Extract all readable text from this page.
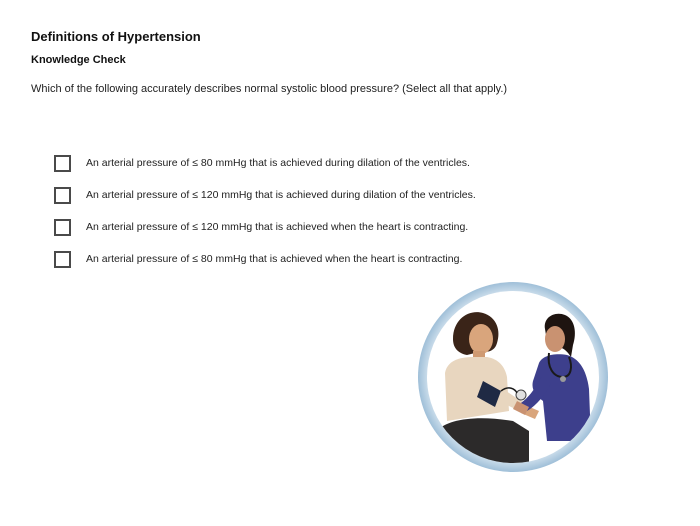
Definitions of Hypertension
Knowledge Check
Which of the following accurately describes normal systolic blood pressure? (Select all that apply.)
An arterial pressure of ≤ 80 mmHg that is achieved during dilation of the ventricles.
An arterial pressure of ≤ 120 mmHg that is achieved during dilation of the ventricles.
An arterial pressure of ≤ 120 mmHg that is achieved when the heart is contracting.
An arterial pressure of ≤ 80 mmHg that is achieved when the heart is contracting.
